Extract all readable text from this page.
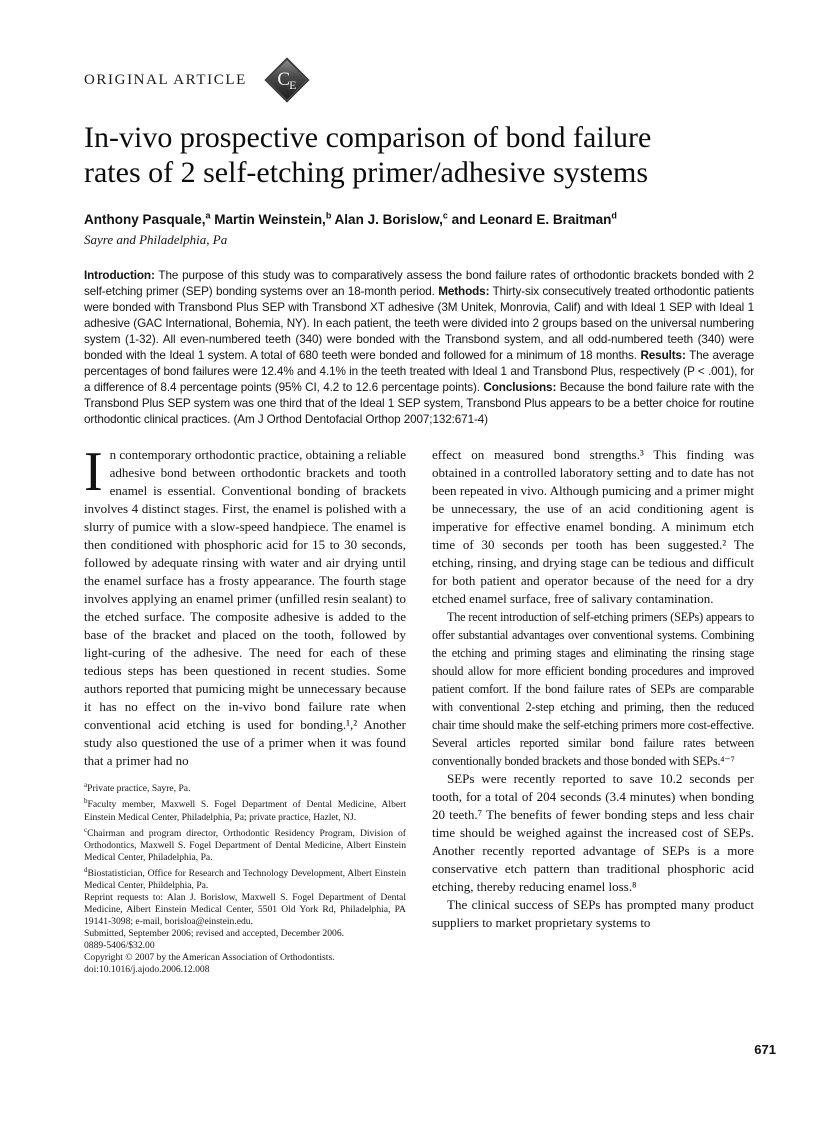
ORIGINAL ARTICLE C E
In-vivo prospective comparison of bond failure
rates of 2 self-etching primer/adhesive systems
Anthony Pasquale,$^a$ Martin Weinstein,$^b$ Alan J. Borislow,$^c$ and Leonard E. Braitman$^d$
Sayre and Philadelphia, Pa

Introduction: The purpose of this study was to comparatively assess the bond failure rates of orthodontic brackets bonded with 2 self-etching primer (SEP) bonding systems over an 18-month period. Methods: Thirty-six consecutively treated orthodontic patients were bonded with Transbond Plus SEP with Transbond XT adhesive (3M Unitek, Monrovia, Calif) and with Ideal 1 SEP with Ideal 1 adhesive (GAC International, Bohemia, NY). In each patient, the teeth were divided into 2 groups based on the universal numbering system (1-32). All even-numbered teeth (340) were bonded with the Transbond system, and all odd-numbered teeth (340) were bonded with the Ideal 1 system. A total of 680 teeth were bonded and followed for a minimum of 18 months. Results: The average percentages of bond failures were 12.4% and 4.1% in the teeth treated with Ideal 1 and Transbond Plus, respectively (P < .001), for a difference of 8.4 percentage points (95% CI, 4.2 to 12.6 percentage points). Conclusions: Because the bond failure rate with the Transbond Plus SEP system was one third that of the Ideal 1 SEP system, Transbond Plus appears to be a better choice for routine orthodontic clinical practices. (Am J Orthod Dentofacial Orthop 2007;132:671-4)

In contemporary orthodontic practice, obtaining a reliable adhesive bond between orthodontic brackets and tooth enamel is essential. Conventional bonding of brackets involves 4 distinct stages. First, the enamel is polished with a slurry of pumice with a slow-speed handpiece. The enamel is then conditioned with phosphoric acid for 15 to 30 seconds, followed by adequate rinsing with water and air drying until the enamel surface has a frosty appearance. The fourth stage involves applying an enamel primer (unfilled resin sealant) to the etched surface. The composite adhesive is added to the base of the bracket and placed on the tooth, followed by light-curing of the adhesive. The need for each of these tedious steps has been questioned in recent studies. Some authors reported that pumicing might be unnecessary because it has no effect on the in-vivo bond failure rate when conventional acid etching is used for bonding.¹,² Another study also questioned the use of a primer when it was found that a primer had no

$^a$Private practice, Sayre, Pa.

$^b$Faculty member, Maxwell S. Fogel Department of Dental Medicine, Albert Einstein Medical Center, Philadelphia, Pa; private practice, Hazlet, NJ.

$^c$Chairman and program director, Orthodontic Residency Program, Division of Orthodontics, Maxwell S. Fogel Department of Dental Medicine, Albert Einstein Medical Center, Philadelphia, Pa.

$^d$Biostatistician, Office for Research and Technology Development, Albert Einstein Medical Center, Phildelphia, Pa.

Reprint requests to: Alan J. Borislow, Maxwell S. Fogel Department of Dental Medicine, Albert Einstein Medical Center, 5501 Old York Rd, Philadelphia, PA 19141-3098; e-mail, borisloa@einstein.edu.

Submitted, September 2006; revised and accepted, December 2006.

0889-5406/$32.00

Copyright © 2007 by the American Association of Orthodontists.

doi:10.1016/j.ajodo.2006.12.008

effect on measured bond strengths.³ This finding was obtained in a controlled laboratory setting and to date has not been repeated in vivo. Although pumicing and a primer might be unnecessary, the use of an acid conditioning agent is imperative for effective enamel bonding. A minimum etch time of 30 seconds per tooth has been suggested.² The etching, rinsing, and drying stage can be tedious and difficult for both patient and operator because of the need for a dry etched enamel surface, free of salivary contamination.

The recent introduction of self-etching primers (SEPs) appears to offer substantial advantages over conventional systems. Combining the etching and priming stages and eliminating the rinsing stage should allow for more efficient bonding procedures and improved patient comfort. If the bond failure rates of SEPs are comparable with conventional 2-step etching and priming, then the reduced chair time should make the self-etching primers more cost-effective. Several articles reported similar bond failure rates between conventionally bonded brackets and those bonded with SEPs.⁴⁻⁷

SEPs were recently reported to save 10.2 seconds per tooth, for a total of 204 seconds (3.4 minutes) when bonding 20 teeth.⁷ The benefits of fewer bonding steps and less chair time should be weighed against the increased cost of SEPs. Another recently reported advantage of SEPs is a more conservative etch pattern than traditional phosphoric acid etching, thereby reducing enamel loss.⁸

The clinical success of SEPs has prompted many product suppliers to market proprietary systems to

671
